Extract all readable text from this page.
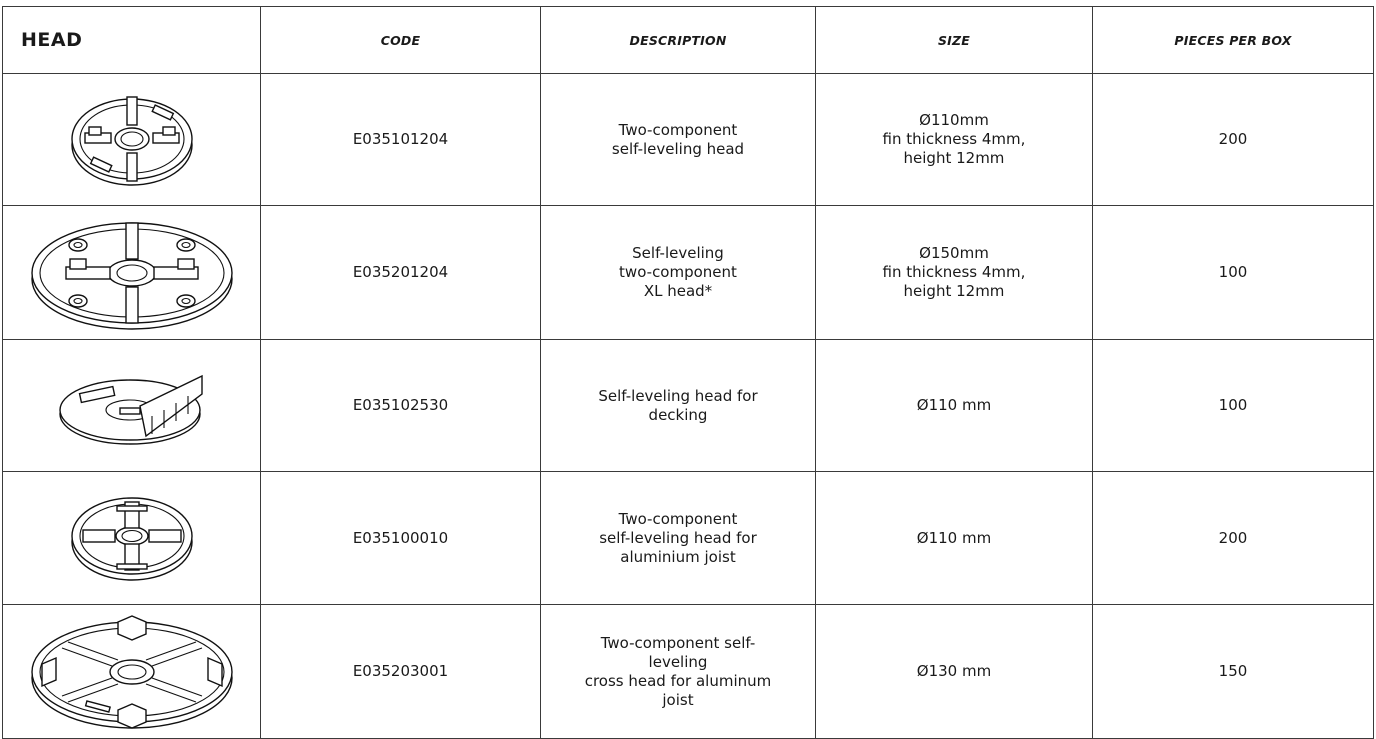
HEAD	CODE	DESCRIPTION	SIZE	PIECES PER BOX

	E035101204	Two-component
self-leveling head	Ø110mm
fin thickness 4mm,
height 12mm	200

	E035201204	Self-leveling
two-component
XL head*	Ø150mm
fin thickness 4mm,
height 12mm	100

	E035102530	Self-leveling head for
decking	Ø110 mm	100

	E035100010	Two-component
self-leveling head for
aluminium joist	Ø110 mm	200

	E035203001	Two-component self-
leveling
cross head for aluminum
joist	Ø130 mm	150
